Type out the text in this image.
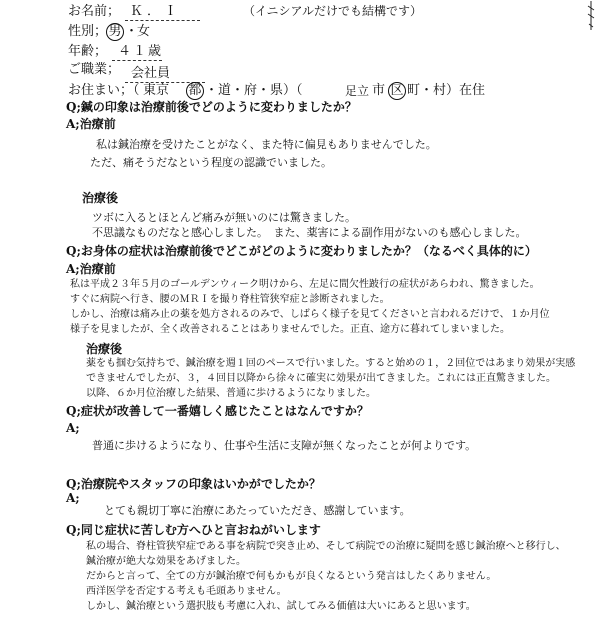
お名前； Ｋ．Ｉ	（イニシアルだけでも結構です）
性別； 男 ・
女
年齢； ４１ 歳
ご職業； 会社員
お住まい；（ 東京 都 ・道・府・県）（	足立 市 区 町・村）在住
Q;鍼の印象は治療前後でどのように変わりましたか？
A;治療前
私は鍼治療を受けたことがなく、また特に偏見もありませんでした。
ただ、痛そうだなという程度の認識でいました。
治療後
ツボに入るとほとんど痛みが無いのには驚きました。
不思議なものだなと感心しました。　また、薬害による副作用がないのも感心しました。
Q;お身体の症状は治療前後でどこがどのように変わりましたか？（なるべく具体的に）
A;治療前
私は平成２３年５月のゴールデンウィーク明けから、左足に間欠性跛行の症状があらわれ、驚きました。
すぐに病院へ行き、腰のＭＲＩを撮り脊柱管狭窄症と診断されました。
しかし、治療は痛み止の薬を処方されるのみで、しばらく様子を見てくださいと言われるだけで、１か月位
様子を見ましたが、全く改善されることはありませんでした。正直、途方に暮れてしまいました。
治療後
薬をも掴む気持ちで、鍼治療を週１回のペースで行いました。すると始めの１，２回位ではあまり効果が実感
できませんでしたが、３，４回目以降から徐々に確実に効果が出てきました。これには正直驚きました。
以降、６か月位治療した結果、普通に歩けるようになりました。
Q;症状が改善して一番嬉しく感じたことはなんですか？
A;
普通に歩けるようになり、仕事や生活に支障が無くなったことが何よりです。
Q;治療院やスタッフの印象はいかがでしたか？
A;
とても親切丁寧に治療にあたっていただき、感謝しています。
Q;同じ症状に苦しむ方へひと言おねがいします
私の場合、脊柱管狭窄症である事を病院で突き止め、そして病院での治療に疑問を感じ鍼治療へと移行し、
鍼治療が絶大な効果をあげました。
だからと言って、全ての方が鍼治療で何もかもが良くなるという発言はしたくありません。
西洋医学を否定する考えも毛頭ありません。
しかし、鍼治療という選択肢も考慮に入れ、試してみる価値は大いにあると思います。
